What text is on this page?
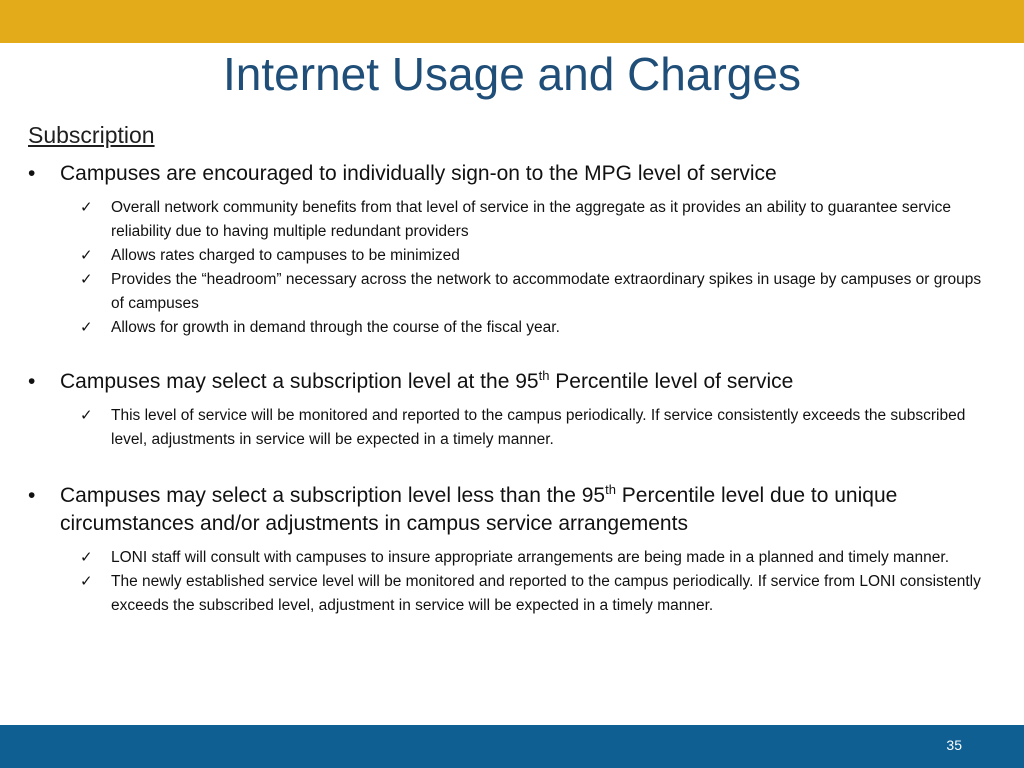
Internet Usage and Charges
Subscription
• Campuses are encouraged to individually sign-on to the MPG level of service
✓ Overall network community benefits from that level of service in the aggregate as it provides an ability to guarantee service reliability due to having multiple redundant providers
✓ Allows rates charged to campuses to be minimized
✓ Provides the “headroom” necessary across the network to accommodate extraordinary spikes in usage by campuses or groups of campuses
✓ Allows for growth in demand through the course of the fiscal year.
• Campuses may select a subscription level at the 95th Percentile level of service
✓ This level of service will be monitored and reported to the campus periodically. If service consistently exceeds the subscribed level, adjustments in service will be expected in a timely manner.
• Campuses may select a subscription level less than the 95th Percentile level due to unique circumstances and/or adjustments in campus service arrangements
✓ LONI staff will consult with campuses to insure appropriate arrangements are being made in a planned and timely manner.
✓ The newly established service level will be monitored and reported to the campus periodically. If service from LONI consistently exceeds the subscribed level, adjustment in service will be expected in a timely manner.
35
